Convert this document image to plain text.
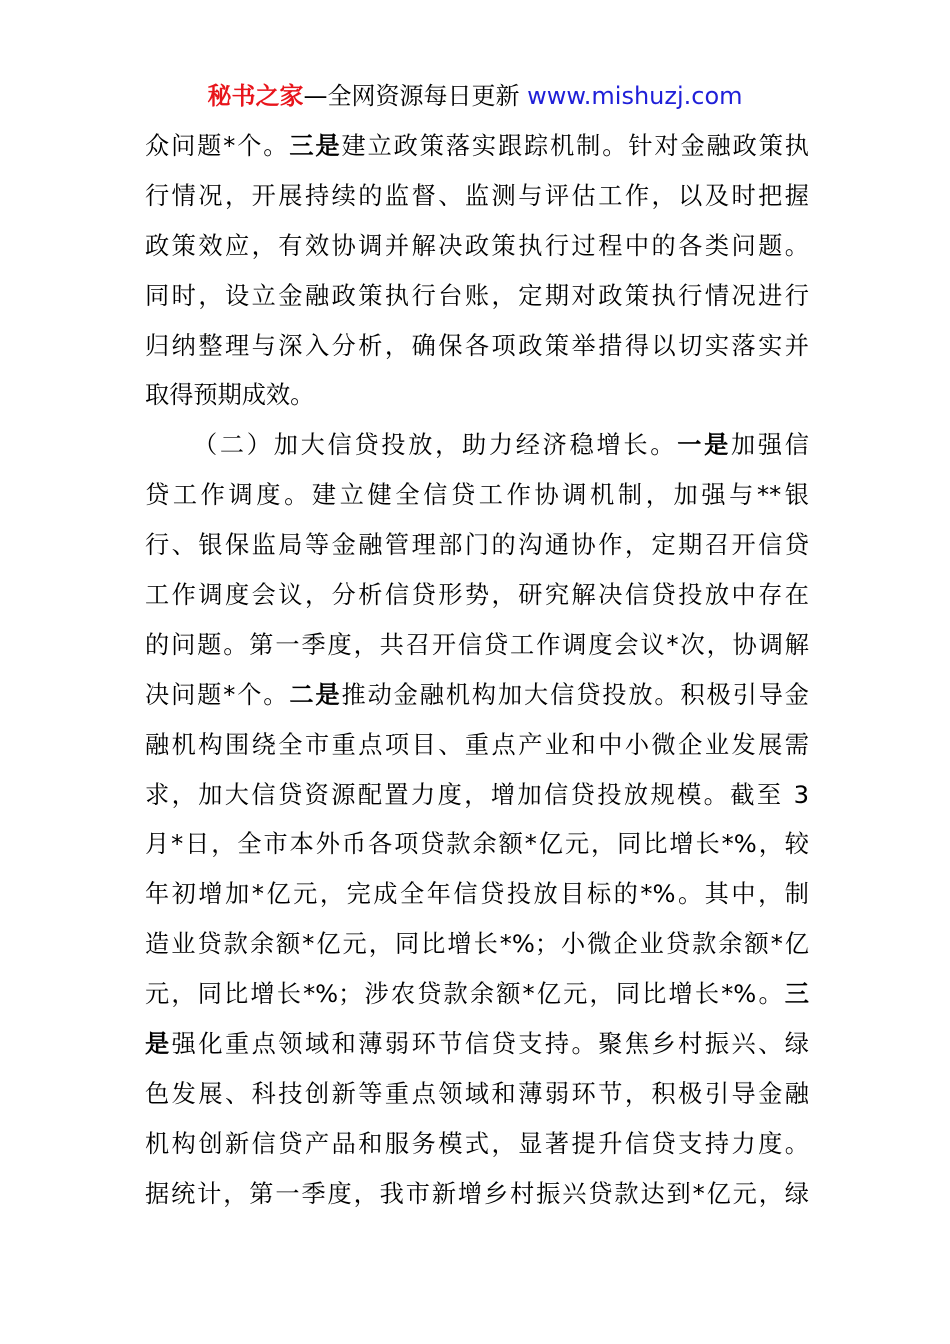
秘书之家—全网资源每日更新 www.mishuzj.com
众问题*个。三是建立政策落实跟踪机制。针对金融政策执
行情况，开展持续的监督、监测与评估工作，以及时把握
政策效应，有效协调并解决政策执行过程中的各类问题。
同时，设立金融政策执行台账，定期对政策执行情况进行
归纳整理与深入分析，确保各项政策举措得以切实落实并
取得预期成效。
（二）加大信贷投放，助力经济稳增长。一是加强信
贷工作调度。建立健全信贷工作协调机制，加强与**银
行、银保监局等金融管理部门的沟通协作，定期召开信贷
工作调度会议，分析信贷形势，研究解决信贷投放中存在
的问题。第一季度，共召开信贷工作调度会议*次，协调解
决问题*个。二是推动金融机构加大信贷投放。积极引导金
融机构围绕全市重点项目、重点产业和中小微企业发展需
求，加大信贷资源配置力度，增加信贷投放规模。截至 3
月*日，全市本外币各项贷款余额*亿元，同比增长*%，较
年初增加*亿元，完成全年信贷投放目标的*%。其中，制
造业贷款余额*亿元，同比增长*%；小微企业贷款余额*亿
元，同比增长*%；涉农贷款余额*亿元，同比增长*%。三
是强化重点领域和薄弱环节信贷支持。聚焦乡村振兴、绿
色发展、科技创新等重点领域和薄弱环节，积极引导金融
机构创新信贷产品和服务模式，显著提升信贷支持力度。
据统计，第一季度，我市新增乡村振兴贷款达到*亿元，绿
